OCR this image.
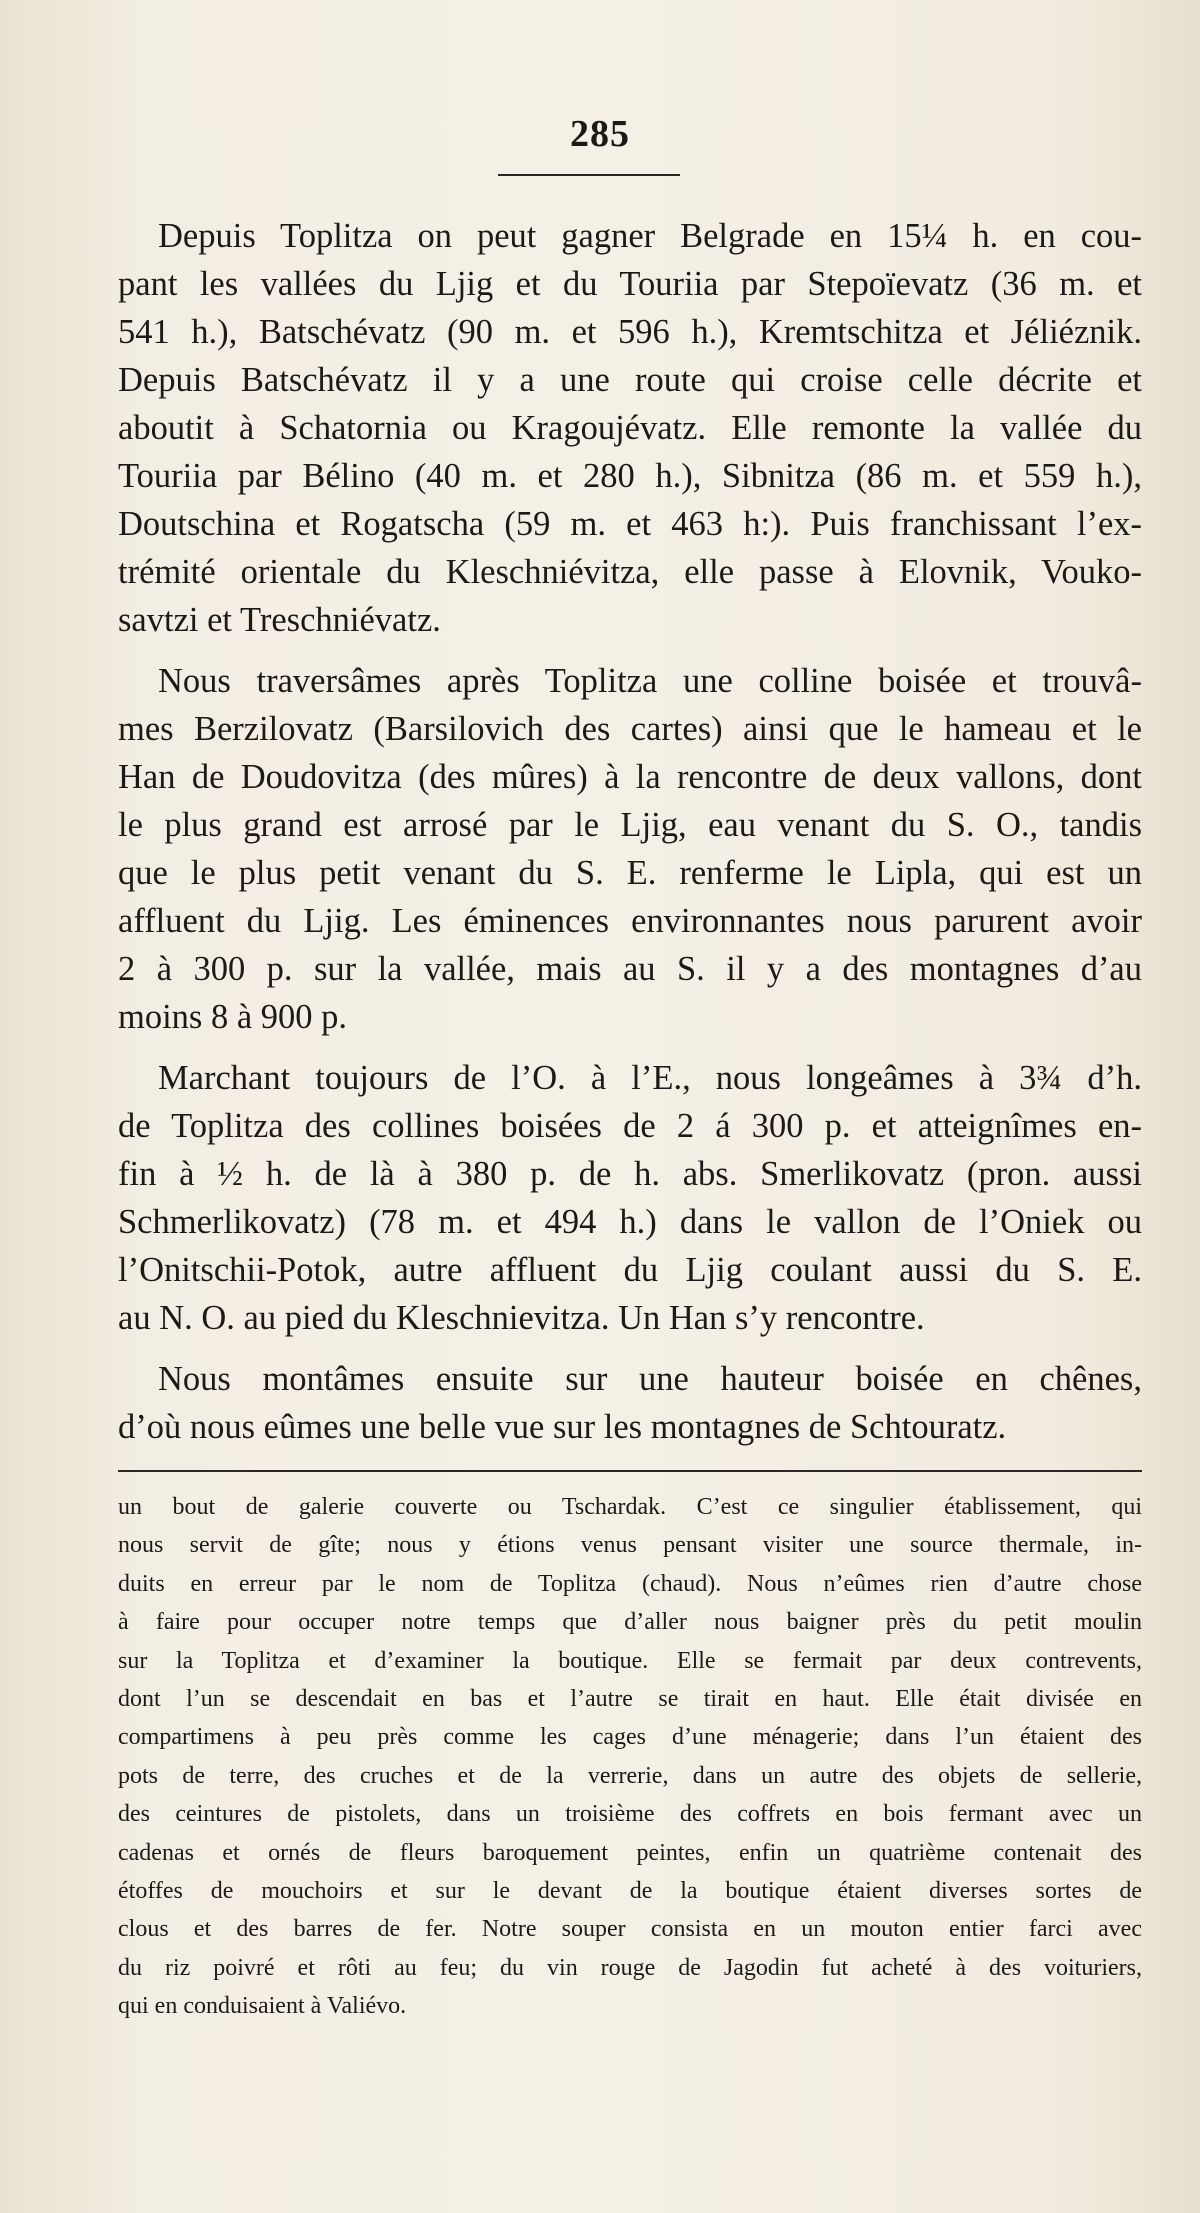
285
Depuis Toplitza on peut gagner Belgrade en 15¼ h. en cou-
pant les vallées du Ljig et du Touriia par Stepoïevatz (36 m. et
541 h.), Batschévatz (90 m. et 596 h.), Kremtschitza et Jéliéznik.
Depuis Batschévatz il y a une route qui croise celle décrite et
aboutit à Schatornia ou Kragoujévatz. Elle remonte la vallée du
Touriia par Bélino (40 m. et 280 h.), Sibnitza (86 m. et 559 h.),
Doutschina et Rogatscha (59 m. et 463 h:). Puis franchissant l’ex-
trémité orientale du Kleschniévitza, elle passe à Elovnik, Vouko-
savtzi et Treschniévatz.
Nous traversâmes après Toplitza une colline boisée et trouvâ-
mes Berzilovatz (Barsilovich des cartes) ainsi que le hameau et le
Han de Doudovitza (des mûres) à la rencontre de deux vallons, dont
le plus grand est arrosé par le Ljig, eau venant du S. O., tandis
que le plus petit venant du S. E. renferme le Lipla, qui est un
affluent du Ljig. Les éminences environnantes nous parurent avoir
2 à 300 p. sur la vallée, mais au S. il y a des montagnes d’au
moins 8 à 900 p.
Marchant toujours de l’O. à l’E., nous longeâmes à 3¾ d’h.
de Toplitza des collines boisées de 2 á 300 p. et atteignîmes en-
fin à ½ h. de là à 380 p. de h. abs. Smerlikovatz (pron. aussi
Schmerlikovatz) (78 m. et 494 h.) dans le vallon de l’Oniek ou
l’Onitschii-Potok, autre affluent du Ljig coulant aussi du S. E.
au N. O. au pied du Kleschnievitza. Un Han s’y rencontre.
Nous montâmes ensuite sur une hauteur boisée en chênes,
d’où nous eûmes une belle vue sur les montagnes de Schtouratz.
un bout de galerie couverte ou Tschardak. C’est ce singulier établissement, qui
nous servit de gîte; nous y étions venus pensant visiter une source thermale, in-
duits en erreur par le nom de Toplitza (chaud). Nous n’eûmes rien d’autre chose
à faire pour occuper notre temps que d’aller nous baigner près du petit moulin
sur la Toplitza et d’examiner la boutique. Elle se fermait par deux contrevents,
dont l’un se descendait en bas et l’autre se tirait en haut. Elle était divisée en
compartimens à peu près comme les cages d’une ménagerie; dans l’un étaient des
pots de terre, des cruches et de la verrerie, dans un autre des objets de sellerie,
des ceintures de pistolets, dans un troisième des coffrets en bois fermant avec un
cadenas et ornés de fleurs baroquement peintes, enfin un quatrième contenait des
étoffes de mouchoirs et sur le devant de la boutique étaient diverses sortes de
clous et des barres de fer. Notre souper consista en un mouton entier farci avec
du riz poivré et rôti au feu; du vin rouge de Jagodin fut acheté à des voituriers,
qui en conduisaient à Valiévo.
